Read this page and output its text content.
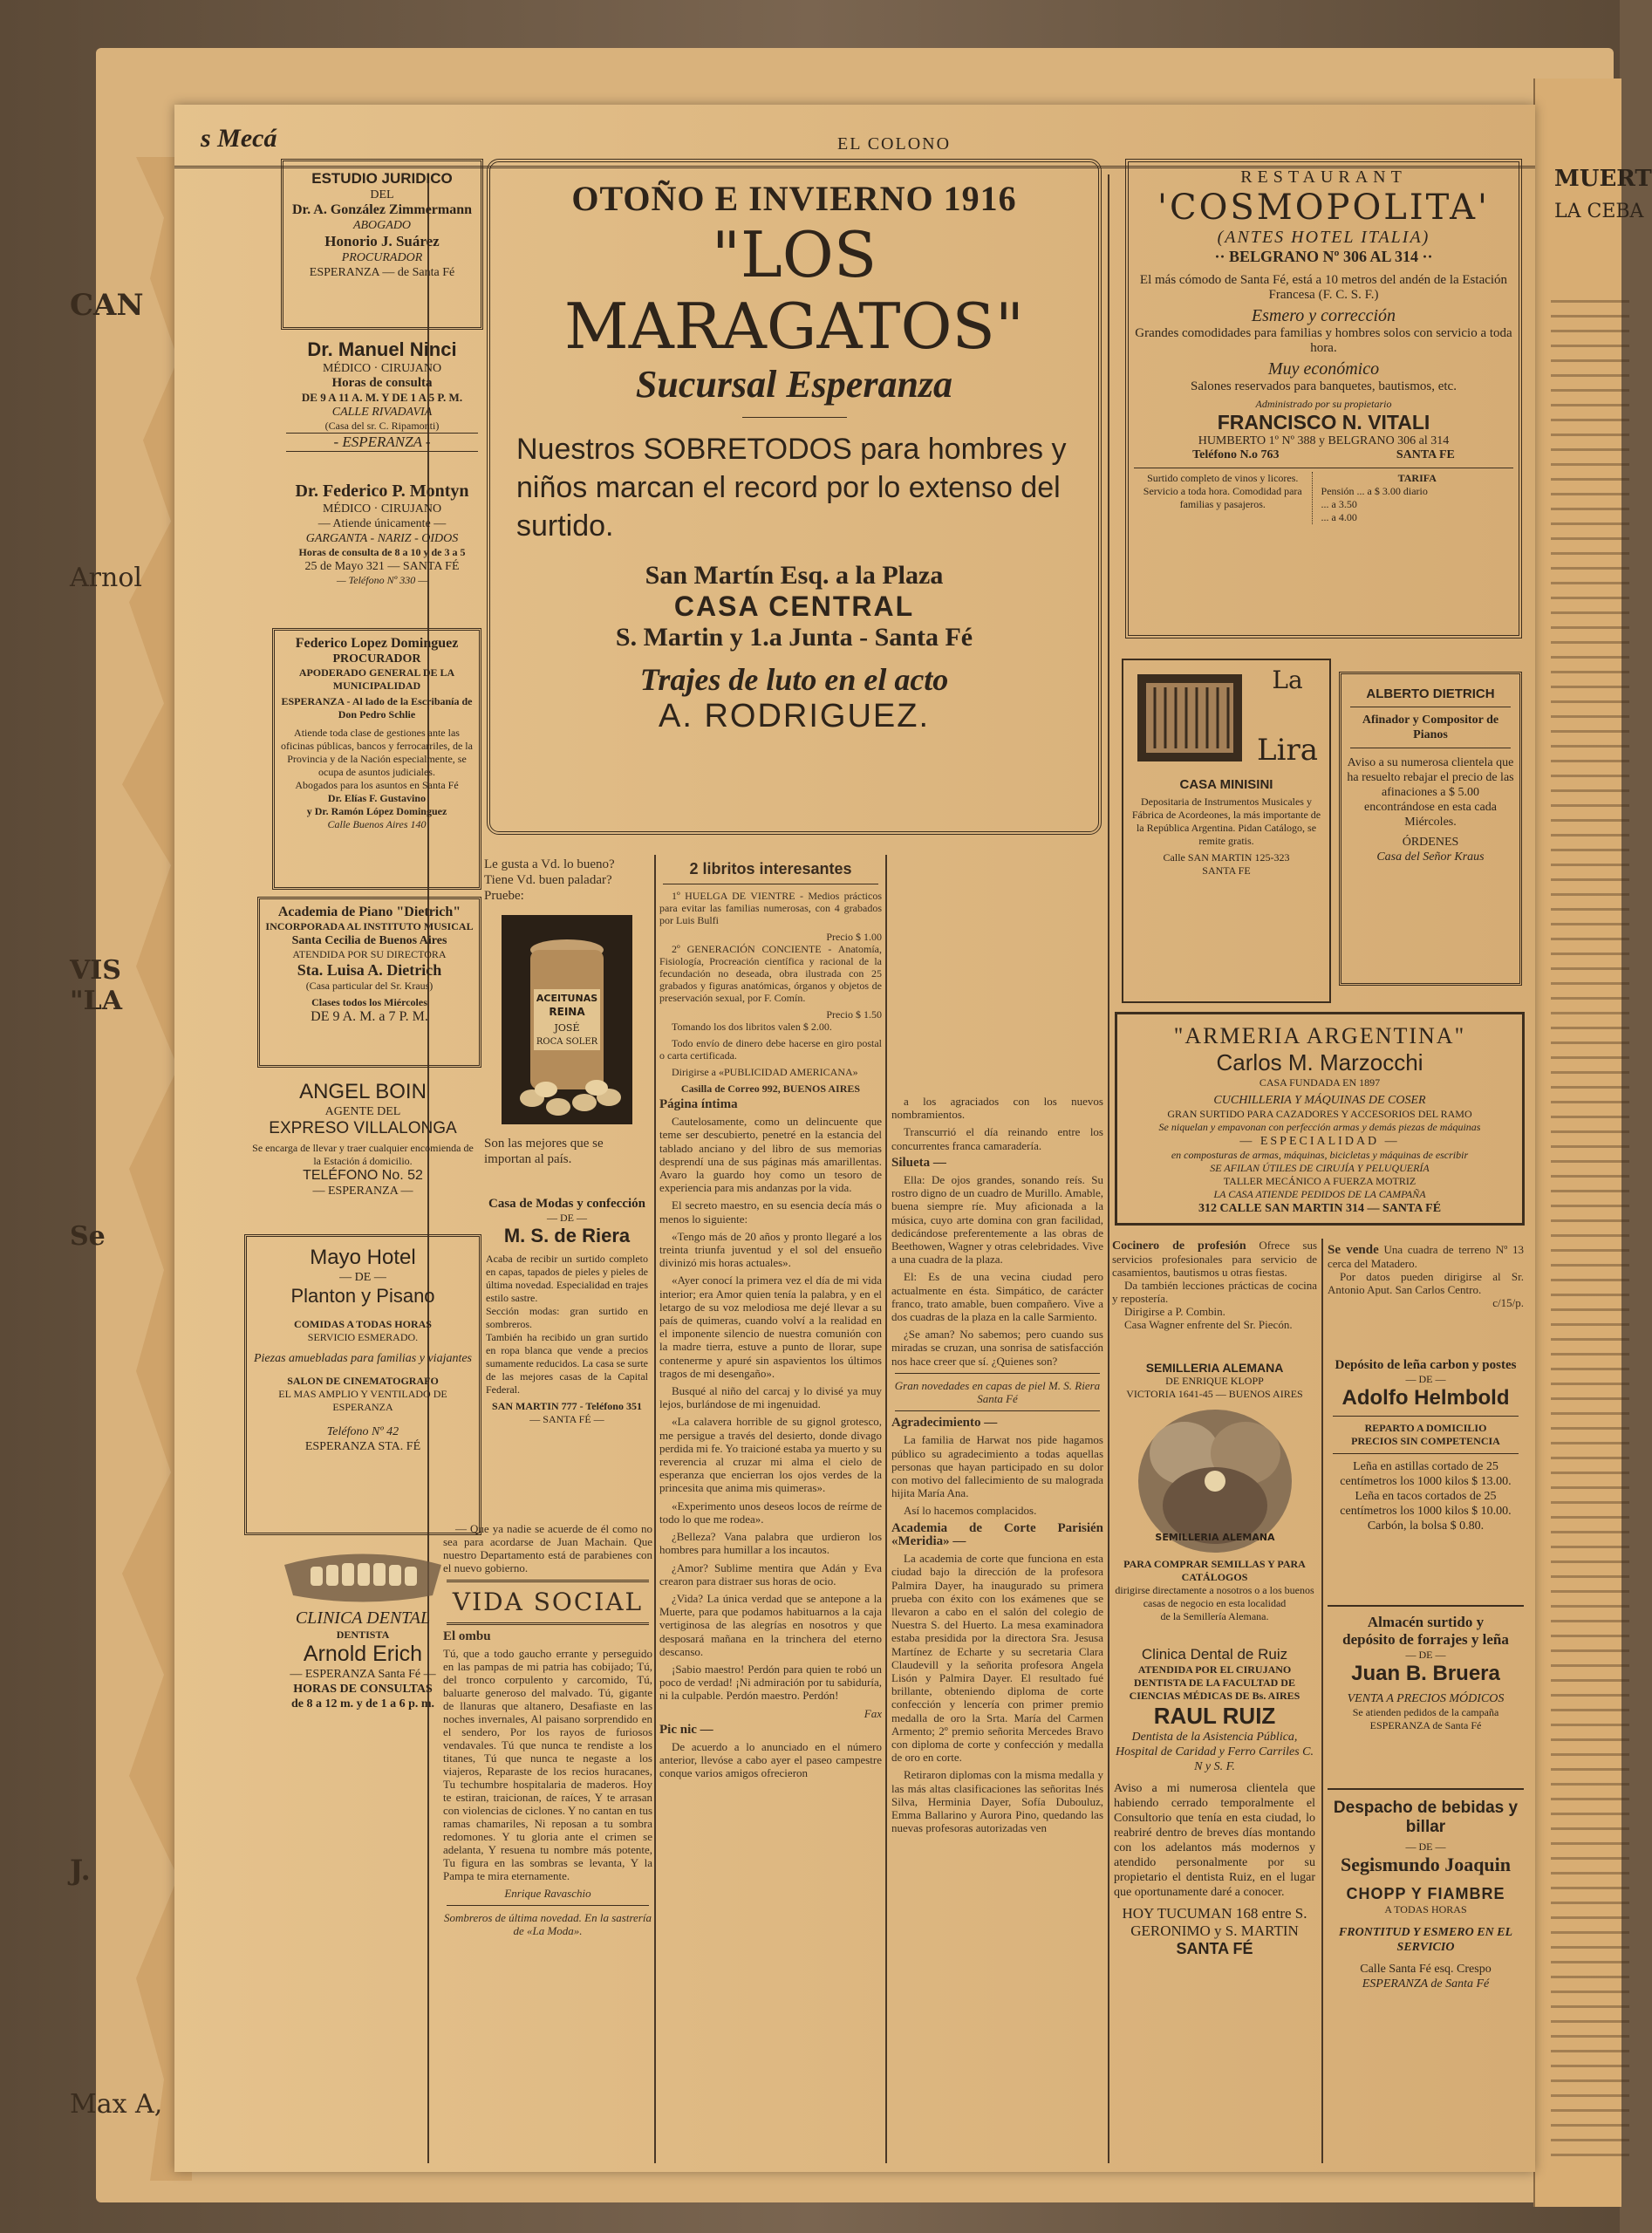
CAN
Se
VIS
"LA
Arnol
J.
Max A,
MUERT
LA CEBA
s Mecá	EL COLONO
ESTUDIO JURIDICO
DEL
Dr. A. González Zimmermann
ABOGADO
Honorio J. Suárez
PROCURADOR
ESPERANZA — de Santa Fé
Dr. Manuel Ninci
MÉDICO · CIRUJANO
Horas de consulta
DE 9 A 11 A. M. Y DE 1 A 5 P. M.
CALLE RIVADAVIA
(Casa del sr. C. Ripamonti)
- ESPERANZA -
Dr. Federico P. Montyn
MÉDICO · CIRUJANO
— Atiende únicamente —
GARGANTA - NARIZ - OIDOS
Horas de consulta de 8 a 10 y de 3 a 5
25 de Mayo 321 — SANTA FÉ
— Teléfono Nº 330 —
Federico Lopez Dominguez
PROCURADOR
APODERADO GENERAL DE LA MUNICIPALIDAD
ESPERANZA - Al lado de la Escribanía de Don Pedro Schlie
Atiende toda clase de gestiones ante las oficinas públicas, bancos y ferrocarriles, de la Provincia y de la Nación especialmente, se ocupa de asuntos judiciales.
Abogados para los asuntos en Santa Fé
Dr. Elías F. Gustavino
y Dr. Ramón López Dominguez
Calle Buenos Aires 140
Academia de Piano "Dietrich"
INCORPORADA AL INSTITUTO MUSICAL
Santa Cecilia de Buenos Aires
ATENDIDA POR SU DIRECTORA
Sta. Luisa A. Dietrich
(Casa particular del Sr. Kraus)
Clases todos los Miércoles
DE 9 A. M. a 7 P. M.
ANGEL BOIN
AGENTE DEL
EXPRESO VILLALONGA
Se encarga de llevar y traer cualquier encomienda de la Estación á domicilio.
TELÉFONO No. 52
— ESPERANZA —
Mayo Hotel
— DE —
Planton y Pisano
COMIDAS A TODAS HORAS
SERVICIO ESMERADO.
Piezas amuebladas para familias y viajantes
SALON DE CINEMATOGRAFO
EL MAS AMPLIO Y VENTILADO DE ESPERANZA
Teléfono Nº 42
ESPERANZA STA. FÉ
CLINICA DENTAL
DENTISTA
Arnold Erich
— ESPERANZA Santa Fé —
HORAS DE CONSULTAS
de 8 a 12 m. y de 1 a 6 p. m.
OTOÑO E INVIERNO 1916
"LOS MARAGATOS"
Sucursal Esperanza
Nuestros SOBRETODOS para hombres y niños marcan el record por lo extenso del surtido.
San Martín Esq. a la Plaza
CASA CENTRAL
S. Martin y 1.a Junta - Santa Fé
Trajes de luto en el acto
A. RODRIGUEZ.
Le gusta a Vd. lo bueno?
Tiene Vd. buen paladar?
Pruebe:
ACEITUNAS
REINA
JOSÉ
ROCA SOLER
Son las mejores que se importan al país.
Casa de Modas y confección
— DE —
M. S. de Riera
Acaba de recibir un surtido completo en capas, tapados de pieles y pieles de última novedad. Especialidad en trajes estilo sastre.
Sección modas: gran surtido en sombreros.
También ha recibido un gran surtido en ropa blanca que vende a precios sumamente reducidos. La casa se surte de las mejores casas de la Capital Federal.
SAN MARTIN 777 - Teléfono 351
— SANTA FÉ —

— Que ya nadie se acuerde de él como no sea para acordarse de Juan Machain. Que nuestro Departamento está de parabienes con el nuevo gobierno.

VIDA SOCIAL
El ombu

Tú, que a todo gaucho errante y perseguido en las pampas de mi patria has cobijado; Tú, del tronco corpulento y carcomido, Tú, baluarte generoso del malvado. Tú, gigante de llanuras que altanero, Desafiaste en las noches invernales, Al paisano sorprendido en el sendero, Por los rayos de furiosos vendavales. Tú que nunca te rendiste a los titanes, Tú que nunca te negaste a los viajeros, Reparaste de los recios huracanes, Tu techumbre hospitalaria de maderos. Hoy te estiran, traicionan, de raíces, Y te arrasan con violencias de ciclones. Y no cantan en tus ramas chamariles, Ni reposan a tu sombra redomones. Y tu gloria ante el crimen se adelanta, Y resuena tu nombre más potente, Tu figura en las sombras se levanta, Y la Pampa te mira eternamente.

Enrique Ravaschio
Sombreros de última novedad. En la sastrería de «La Moda».
2 libritos interesantes

1º HUELGA DE VIENTRE - Medios prácticos para evitar las familias numerosas, con 4 grabados por Luis Bulfi

Precio $ 1.00

2º GENERACIÓN CONCIENTE - Anatomía, Fisiología, Procreación científica y racional de la fecundación no deseada, obra ilustrada con 25 grabados y figuras anatómicas, órganos y objetos de preservación sexual, por F. Comín.

Precio $ 1.50

Tomando los dos libritos valen $ 2.00.

Todo envío de dinero debe hacerse en giro postal o carta certificada.

Dirigirse a «PUBLICIDAD AMERICANA»

Casilla de Correo 992, BUENOS AIRES
Página íntima

Cautelosamente, como un delincuente que teme ser descubierto, penetré en la estancia del tablado anciano y del libro de sus memorias desprendí una de sus páginas más amarillentas. Avaro la guardo hoy como un tesoro de experiencia para mis andanzas por la vida.

El secreto maestro, en su esencia decía más o menos lo siguiente:

«Tengo más de 20 años y pronto llegaré a los treinta triunfa juventud y el sol del ensueño divinizó mis horas actuales».

«Ayer conocí la primera vez el día de mi vida interior; era Amor quien tenía la palabra, y en el letargo de su voz melodiosa me dejé llevar a su país de quimeras, cuando volví a la realidad en el imponente silencio de nuestra comunión con la madre tierra, estuve a punto de llorar, supe contenerme y apuré sin aspavientos los últimos tragos de mi desengaño».

Busqué al niño del carcaj y lo divisé ya muy lejos, burlándose de mi ingenuidad.

«La calavera horrible de su gignol grotesco, me persigue a través del desierto, donde divago perdida mi fe. Yo traicioné estaba ya muerto y su reverencia al cruzar mi alma el cielo de esperanza que encierran los ojos verdes de la princesita que anima mis quimeras».

«Experimento unos deseos locos de reírme de todo lo que me rodea».

¿Belleza? Vana palabra que urdieron los hombres para humillar a los incautos.

¿Amor? Sublime mentira que Adán y Eva crearon para distraer sus horas de ocio.

¿Vida? La única verdad que se antepone a la Muerte, para que podamos habituarnos a la caja vertiginosa de las alegrías en nosotros y que desposará mañana en la trinchera del eterno descanso.

¡Sabio maestro! Perdón para quien te robó un poco de verdad! ¡Ni admiración por tu sabiduría, ni la culpable. Perdón maestro. Perdón!

Fax
Pic nic —

De acuerdo a lo anunciado en el número anterior, llevóse a cabo ayer el paseo campestre conque varios amigos ofrecieron

a los agraciados con los nuevos nombramientos.

Transcurrió el día reinando entre los concurrentes franca camaradería.

Silueta —

Ella: De ojos grandes, sonando reís. Su rostro digno de un cuadro de Murillo. Amable, buena siempre ríe. Muy aficionada a la música, cuyo arte domina con gran facilidad, dedicándose preferentemente a las obras de Beethowen, Wagner y otras celebridades. Vive a una cuadra de la plaza.

El: Es de una vecina ciudad pero actualmente en ésta. Simpático, de carácter franco, trato amable, buen compañero. Vive a dos cuadras de la plaza en la calle Sarmiento.

¿Se aman? No sabemos; pero cuando sus miradas se cruzan, una sonrisa de satisfacción nos hace creer que sí. ¿Quienes son?

Gran novedades en capas de piel M. S. Riera Santa Fé
Agradecimiento —

La familia de Harwat nos pide hagamos público su agradecimiento a todas aquellas personas que hayan participado en su dolor con motivo del fallecimiento de su malograda hijita María Ana.

Así lo hacemos complacidos.

Academia de Corte Parisién «Meridia» —

La academia de corte que funciona en esta ciudad bajo la dirección de la profesora Palmira Dayer, ha inaugurado su primera prueba con éxito con los exámenes que se llevaron a cabo en el salón del colegio de Nuestra S. del Huerto. La mesa examinadora estaba presidida por la directora Sra. Jesusa Martínez de Echarte y su secretaria Clara Claudevill y la señorita profesora Angela Lisón y Palmira Dayer. El resultado fué brillante, obteniendo diploma de corte confección y lencería con primer premio medalla de oro la Srta. María del Carmen Armento; 2º premio señorita Mercedes Bravo con diploma de corte y confección y medalla de oro en corte.

Retiraron diplomas con la misma medalla y las más altas clasificaciones las señoritas Inés Silva, Herminia Dayer, Sofía Dubouluz, Emma Ballarino y Aurora Pino, quedando las nuevas profesoras autorizadas ven

RESTAURANT
'COSMOPOLITA'
(ANTES HOTEL ITALIA)
·· BELGRANO Nº 306 AL 314 ··
El más cómodo de Santa Fé, está a 10 metros del andén de la Estación Francesa (F. C. S. F.)
Esmero y corrección
Grandes comodidades para familias y hombres solos con servicio a toda hora.
Muy económico
Salones reservados para banquetes, bautismos, etc.
Administrado por su propietario
FRANCISCO N. VITALI
HUMBERTO 1º Nº 388 y BELGRANO 306 al 314
Teléfono N.o 763	SANTA FE
Surtido completo de vinos y licores. Servicio a toda hora. Comodidad para familias y pasajeros.
TARIFA
Pensión ... a $ 3.00 diario
... a 3.50
... a 4.00
La
Lira
CASA MINISINI
Depositaria de Instrumentos Musicales y Fábrica de Acordeones, la más importante de la República Argentina. Pidan Catálogo, se remite gratis.
Calle SAN MARTIN 125-323
SANTA FE
ALBERTO DIETRICH
Afinador y Compositor de Pianos
Aviso a su numerosa clientela que ha resuelto rebajar el precio de las afinaciones a $ 5.00 encontrándose en esta cada Miércoles.
ÓRDENES
Casa del Señor Kraus
"ARMERIA ARGENTINA"
Carlos M. Marzocchi
CASA FUNDADA EN 1897
CUCHILLERIA Y MÁQUINAS DE COSER
GRAN SURTIDO PARA CAZADORES Y ACCESORIOS DEL RAMO
Se niquelan y empavonan con perfección armas y demás piezas de máquinas
— ESPECIALIDAD —
en composturas de armas, máquinas, bicicletas y máquinas de escribir
SE AFILAN ÚTILES DE CIRUJÍA Y PELUQUERÍA
TALLER MECÁNICO A FUERZA MOTRIZ
LA CASA ATIENDE PEDIDOS DE LA CAMPAÑA
312 CALLE SAN MARTIN 314 — SANTA FÉ
Cocinero de profesión Ofrece sus servicios profesionales para servicio de casamientos, bautismos u otras fiestas.
Da también lecciones prácticas de cocina y repostería.
Dirigirse a P. Combin.
Casa Wagner enfrente del Sr. Piecón.
SEMILLERIA ALEMANA
DE ENRIQUE KLOPP
VICTORIA 1641-45 — BUENOS AIRES
SEMILLERIA ALEMANA
PARA COMPRAR SEMILLAS Y PARA CATÁLOGOS
dirigirse directamente a nosotros o a los buenos casas de negocio en esta localidad
de la Semillería Alemana.
Clinica Dental de Ruiz
ATENDIDA POR EL CIRUJANO DENTISTA DE LA FACULTAD DE CIENCIAS MÉDICAS DE Bs. AIRES
RAUL RUIZ
Dentista de la Asistencia Pública, Hospital de Caridad y Ferro Carriles C. N y S. F.
Aviso a mi numerosa clientela que habiendo cerrado temporalmente el Consultorio que tenía en esta ciudad, lo reabriré dentro de breves días montando con los adelantos más modernos y atendido personalmente por su propietario el dentista Ruiz, en el lugar que oportunamente daré a conocer.
HOY TUCUMAN 168 entre S. GERONIMO y S. MARTIN
SANTA FÉ
Se vende Una cuadra de terreno Nº 13 cerca del Matadero.
Por datos pueden dirigirse al Sr. Antonio Aput. San Carlos Centro.
c/15/p.
Depósito de leña carbon y postes
— DE —
Adolfo Helmbold
REPARTO A DOMICILIO
PRECIOS SIN COMPETENCIA
Leña en astillas cortado de 25 centímetros los 1000 kilos $ 13.00.
Leña en tacos cortados de 25 centímetros los 1000 kilos $ 10.00.
Carbón, la bolsa $ 0.80.
Almacén surtido y
depósito de forrajes y leña
— DE —
Juan B. Bruera
VENTA A PRECIOS MÓDICOS
Se atienden pedidos de la campaña
ESPERANZA de Santa Fé
Despacho de bebidas y billar
— DE —
Segismundo Joaquin
CHOPP Y FIAMBRE
A TODAS HORAS
FRONTITUD Y ESMERO EN EL SERVICIO
Calle Santa Fé esq. Crespo
ESPERANZA de Santa Fé
